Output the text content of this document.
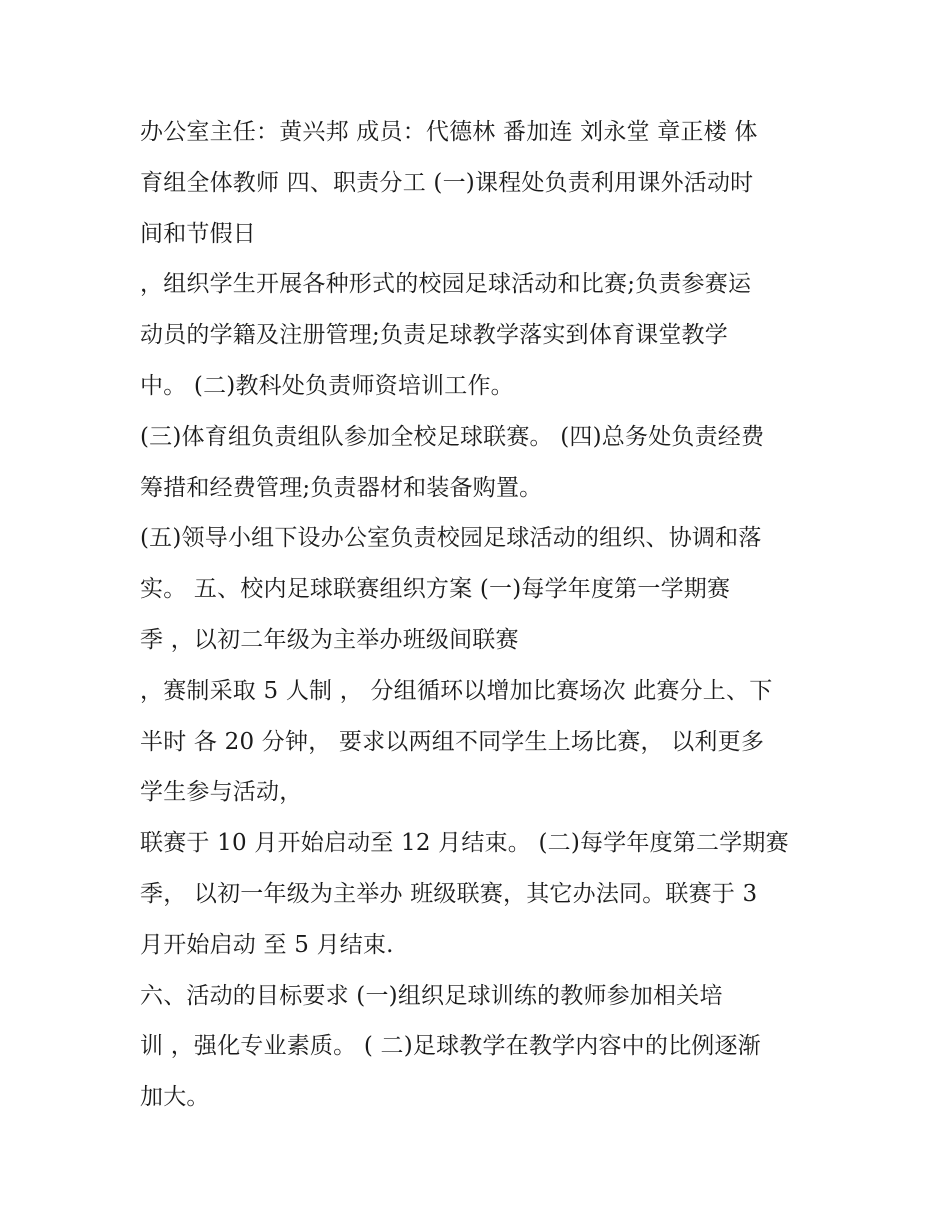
办公室主任：黄兴邦 成员：代德林 番加连 刘永堂 章正楼 体
育组全体教师 四、职责分工 (一)课程处负责利用课外活动时
间和节假日
，组织学生开展各种形式的校园足球活动和比赛;负责参赛运
动员的学籍及注册管理;负责足球教学落实到体育课堂教学
中。 (二)教科处负责师资培训工作。
(三)体育组负责组队参加全校足球联赛。 (四)总务处负责经费
筹措和经费管理;负责器材和装备购置。
(五)领导小组下设办公室负责校园足球活动的组织、协调和落
实。 五、校内足球联赛组织方案 (一)每学年度第一学期赛
季 ，以初二年级为主举办班级间联赛
，赛制采取 5 人制 ， 分组循环以增加比赛场次 此赛分上、下
半时 各 20 分钟， 要求以两组不同学生上场比赛， 以利更多
学生参与活动，
联赛于 10 月开始启动至 12 月结束。 (二)每学年度第二学期赛
季， 以初一年级为主举办 班级联赛，其它办法同。联赛于 3
月开始启动 至 5 月结束.
六、活动的目标要求 (一)组织足球训练的教师参加相关培
训 ，强化专业素质。 ( 二)足球教学在教学内容中的比例逐渐
加大。
